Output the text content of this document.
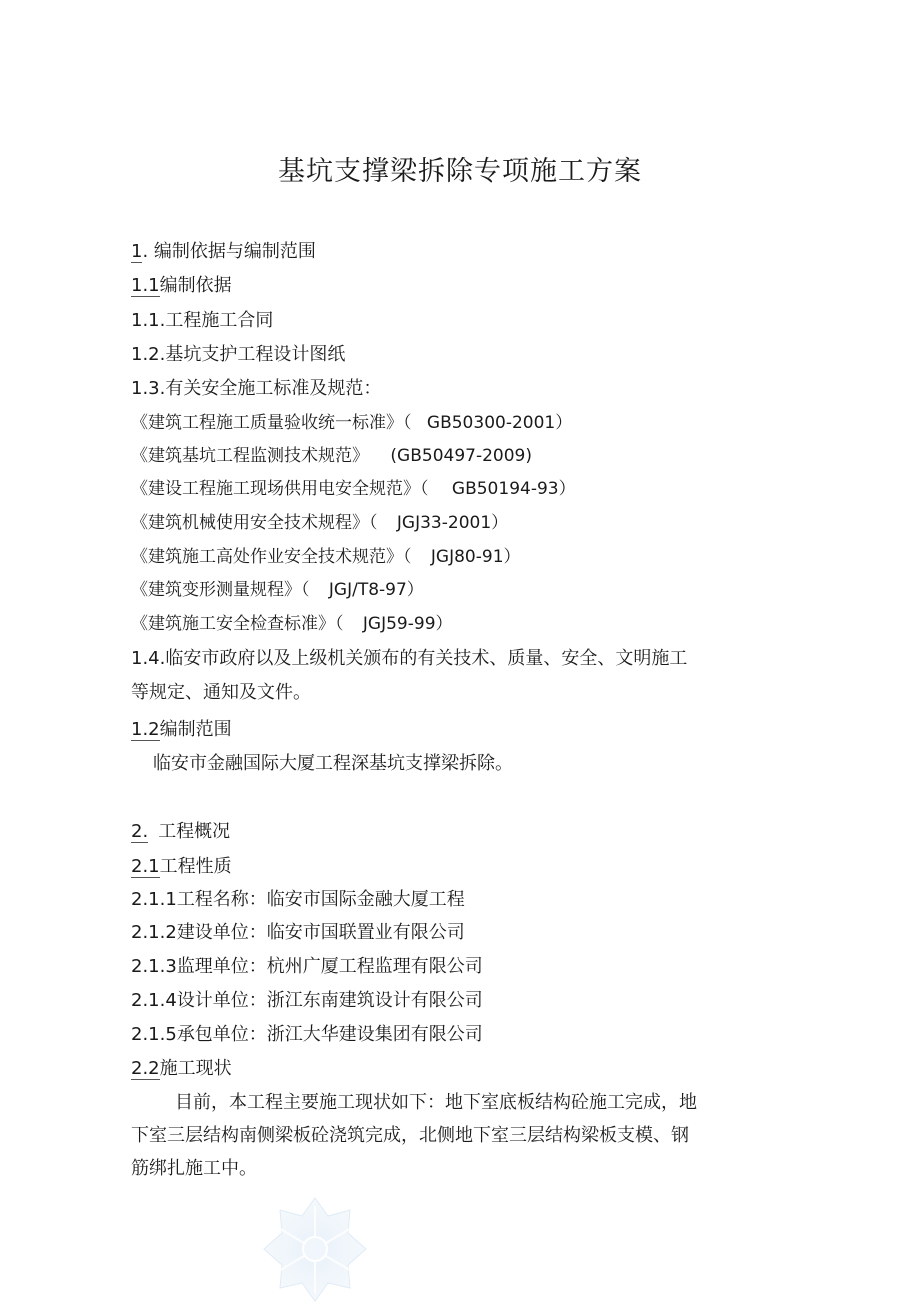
基坑支撑梁拆除专项施工方案
1. 编制依据与编制范围
1.1编制依据
1.1.工程施工合同
1.2.基坑支护工程设计图纸
1.3.有关安全施工标准及规范：
《建筑工程施工质量验收统一标准》（ GB50300-2001）
《建筑基坑工程监测技术规范》 (GB50497-2009)
《建设工程施工现场供用电安全规范》（ GB50194-93）
《建筑机械使用安全技术规程》（ JGJ33-2001）
《建筑施工高处作业安全技术规范》（ JGJ80-91）
《建筑变形测量规程》（ JGJ/T8-97）
《建筑施工安全检查标准》（ JGJ59-99）
1.4.临安市政府以及上级机关颁布的有关技术、质量、安全、文明施工
等规定、通知及文件。
1.2编制范围
临安市金融国际大厦工程深基坑支撑梁拆除。
2. 工程概况
2.1工程性质
2.1.1工程名称：临安市国际金融大厦工程
2.1.2建设单位：临安市国联置业有限公司
2.1.3监理单位：杭州广厦工程监理有限公司
2.1.4设计单位：浙江东南建筑设计有限公司
2.1.5承包单位：浙江大华建设集团有限公司
2.2施工现状
目前，本工程主要施工现状如下：地下室底板结构砼施工完成，地
下室三层结构南侧梁板砼浇筑完成，北侧地下室三层结构梁板支模、钢
筋绑扎施工中。
